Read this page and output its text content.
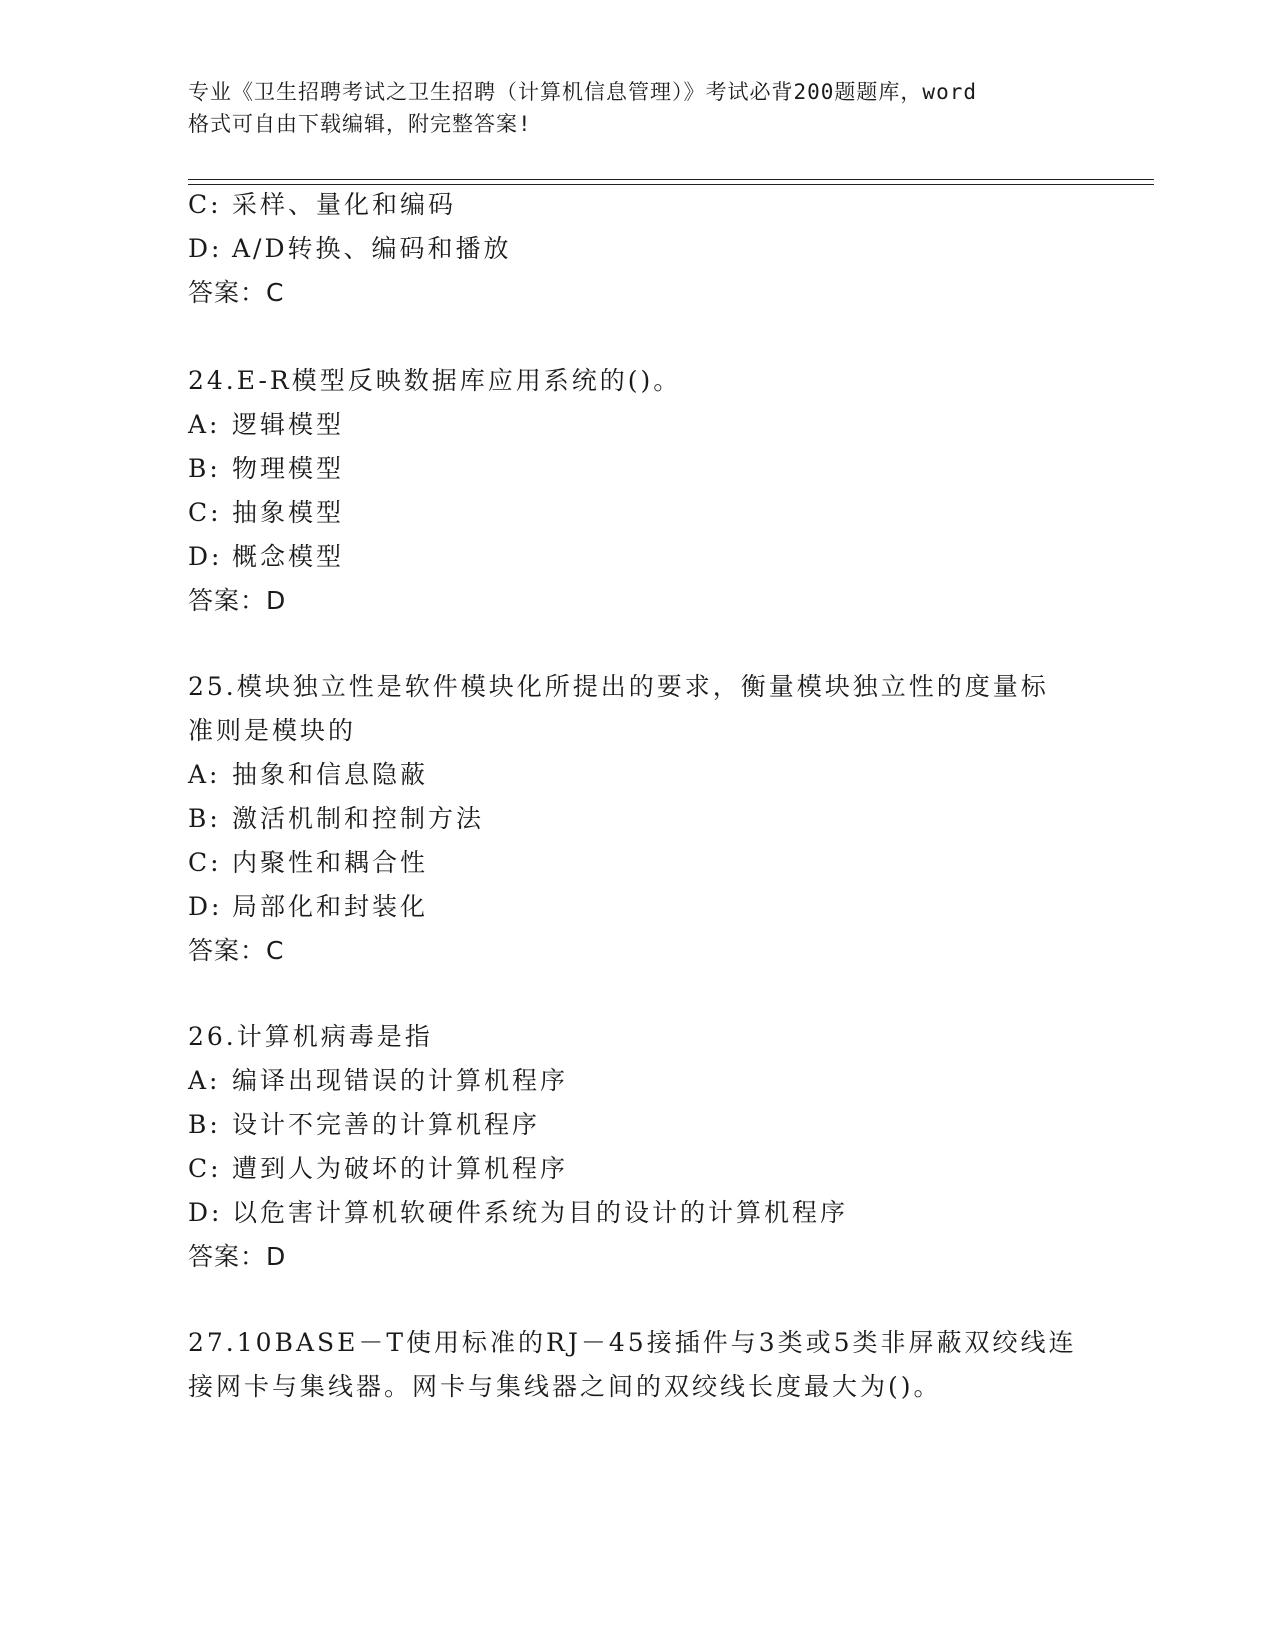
专业《卫生招聘考试之卫生招聘（计算机信息管理）》考试必背200题题库，word
格式可自由下载编辑，附完整答案!
C: 采样、量化和编码
D: A/D转换、编码和播放
答案：C
24.E-R模型反映数据库应用系统的()。
A: 逻辑模型
B: 物理模型
C: 抽象模型
D: 概念模型
答案：D
25.模块独立性是软件模块化所提出的要求，衡量模块独立性的度量标
准则是模块的
A: 抽象和信息隐蔽
B: 激活机制和控制方法
C: 内聚性和耦合性
D: 局部化和封装化
答案：C
26.计算机病毒是指
A: 编译出现错误的计算机程序
B: 设计不完善的计算机程序
C: 遭到人为破坏的计算机程序
D: 以危害计算机软硬件系统为目的设计的计算机程序
答案：D
27.10BASE－T使用标准的RJ－45接插件与3类或5类非屏蔽双绞线连
接网卡与集线器。网卡与集线器之间的双绞线长度最大为()。
